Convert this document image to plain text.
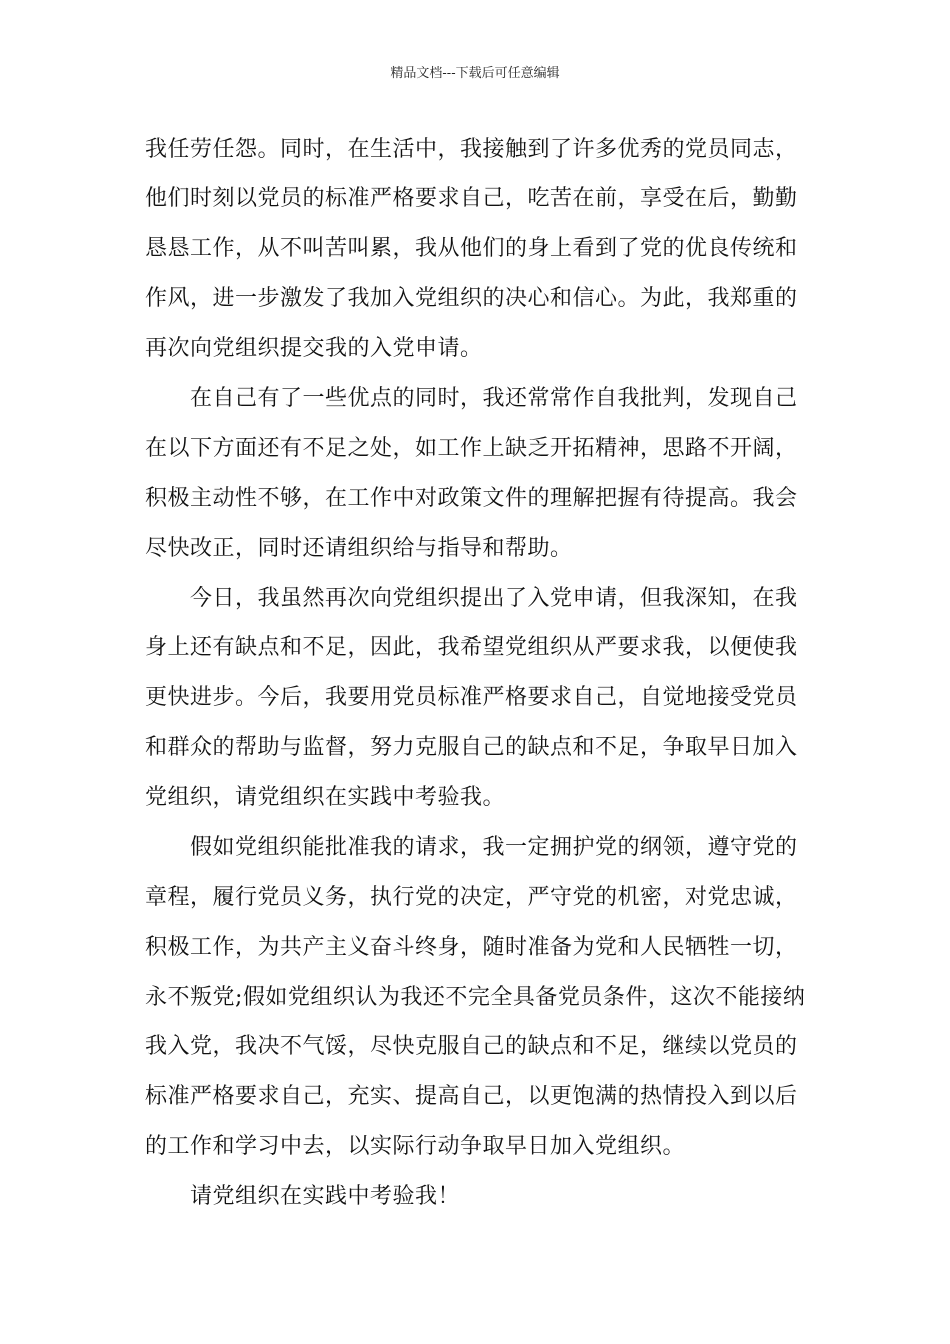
精品文档---下载后可任意编辑
我任劳任怨。同时，在生活中，我接触到了许多优秀的党员同志，
他们时刻以党员的标准严格要求自己，吃苦在前，享受在后，勤勤
恳恳工作，从不叫苦叫累，我从他们的身上看到了党的优良传统和
作风，进一步激发了我加入党组织的决心和信心。为此，我郑重的
再次向党组织提交我的入党申请。
在自己有了一些优点的同时，我还常常作自我批判，发现自己
在以下方面还有不足之处，如工作上缺乏开拓精神，思路不开阔，
积极主动性不够，在工作中对政策文件的理解把握有待提高。我会
尽快改正，同时还请组织给与指导和帮助。
今日，我虽然再次向党组织提出了入党申请，但我深知，在我
身上还有缺点和不足，因此，我希望党组织从严要求我，以便使我
更快进步。今后，我要用党员标准严格要求自己，自觉地接受党员
和群众的帮助与监督，努力克服自己的缺点和不足，争取早日加入
党组织，请党组织在实践中考验我。
假如党组织能批准我的请求，我一定拥护党的纲领，遵守党的
章程，履行党员义务，执行党的决定，严守党的机密，对党忠诚，
积极工作，为共产主义奋斗终身，随时准备为党和人民牺牲一切，
永不叛党;假如党组织认为我还不完全具备党员条件，这次不能接纳
我入党，我决不气馁，尽快克服自己的缺点和不足，继续以党员的
标准严格要求自己，充实、提高自己，以更饱满的热情投入到以后
的工作和学习中去，以实际行动争取早日加入党组织。
请党组织在实践中考验我！
